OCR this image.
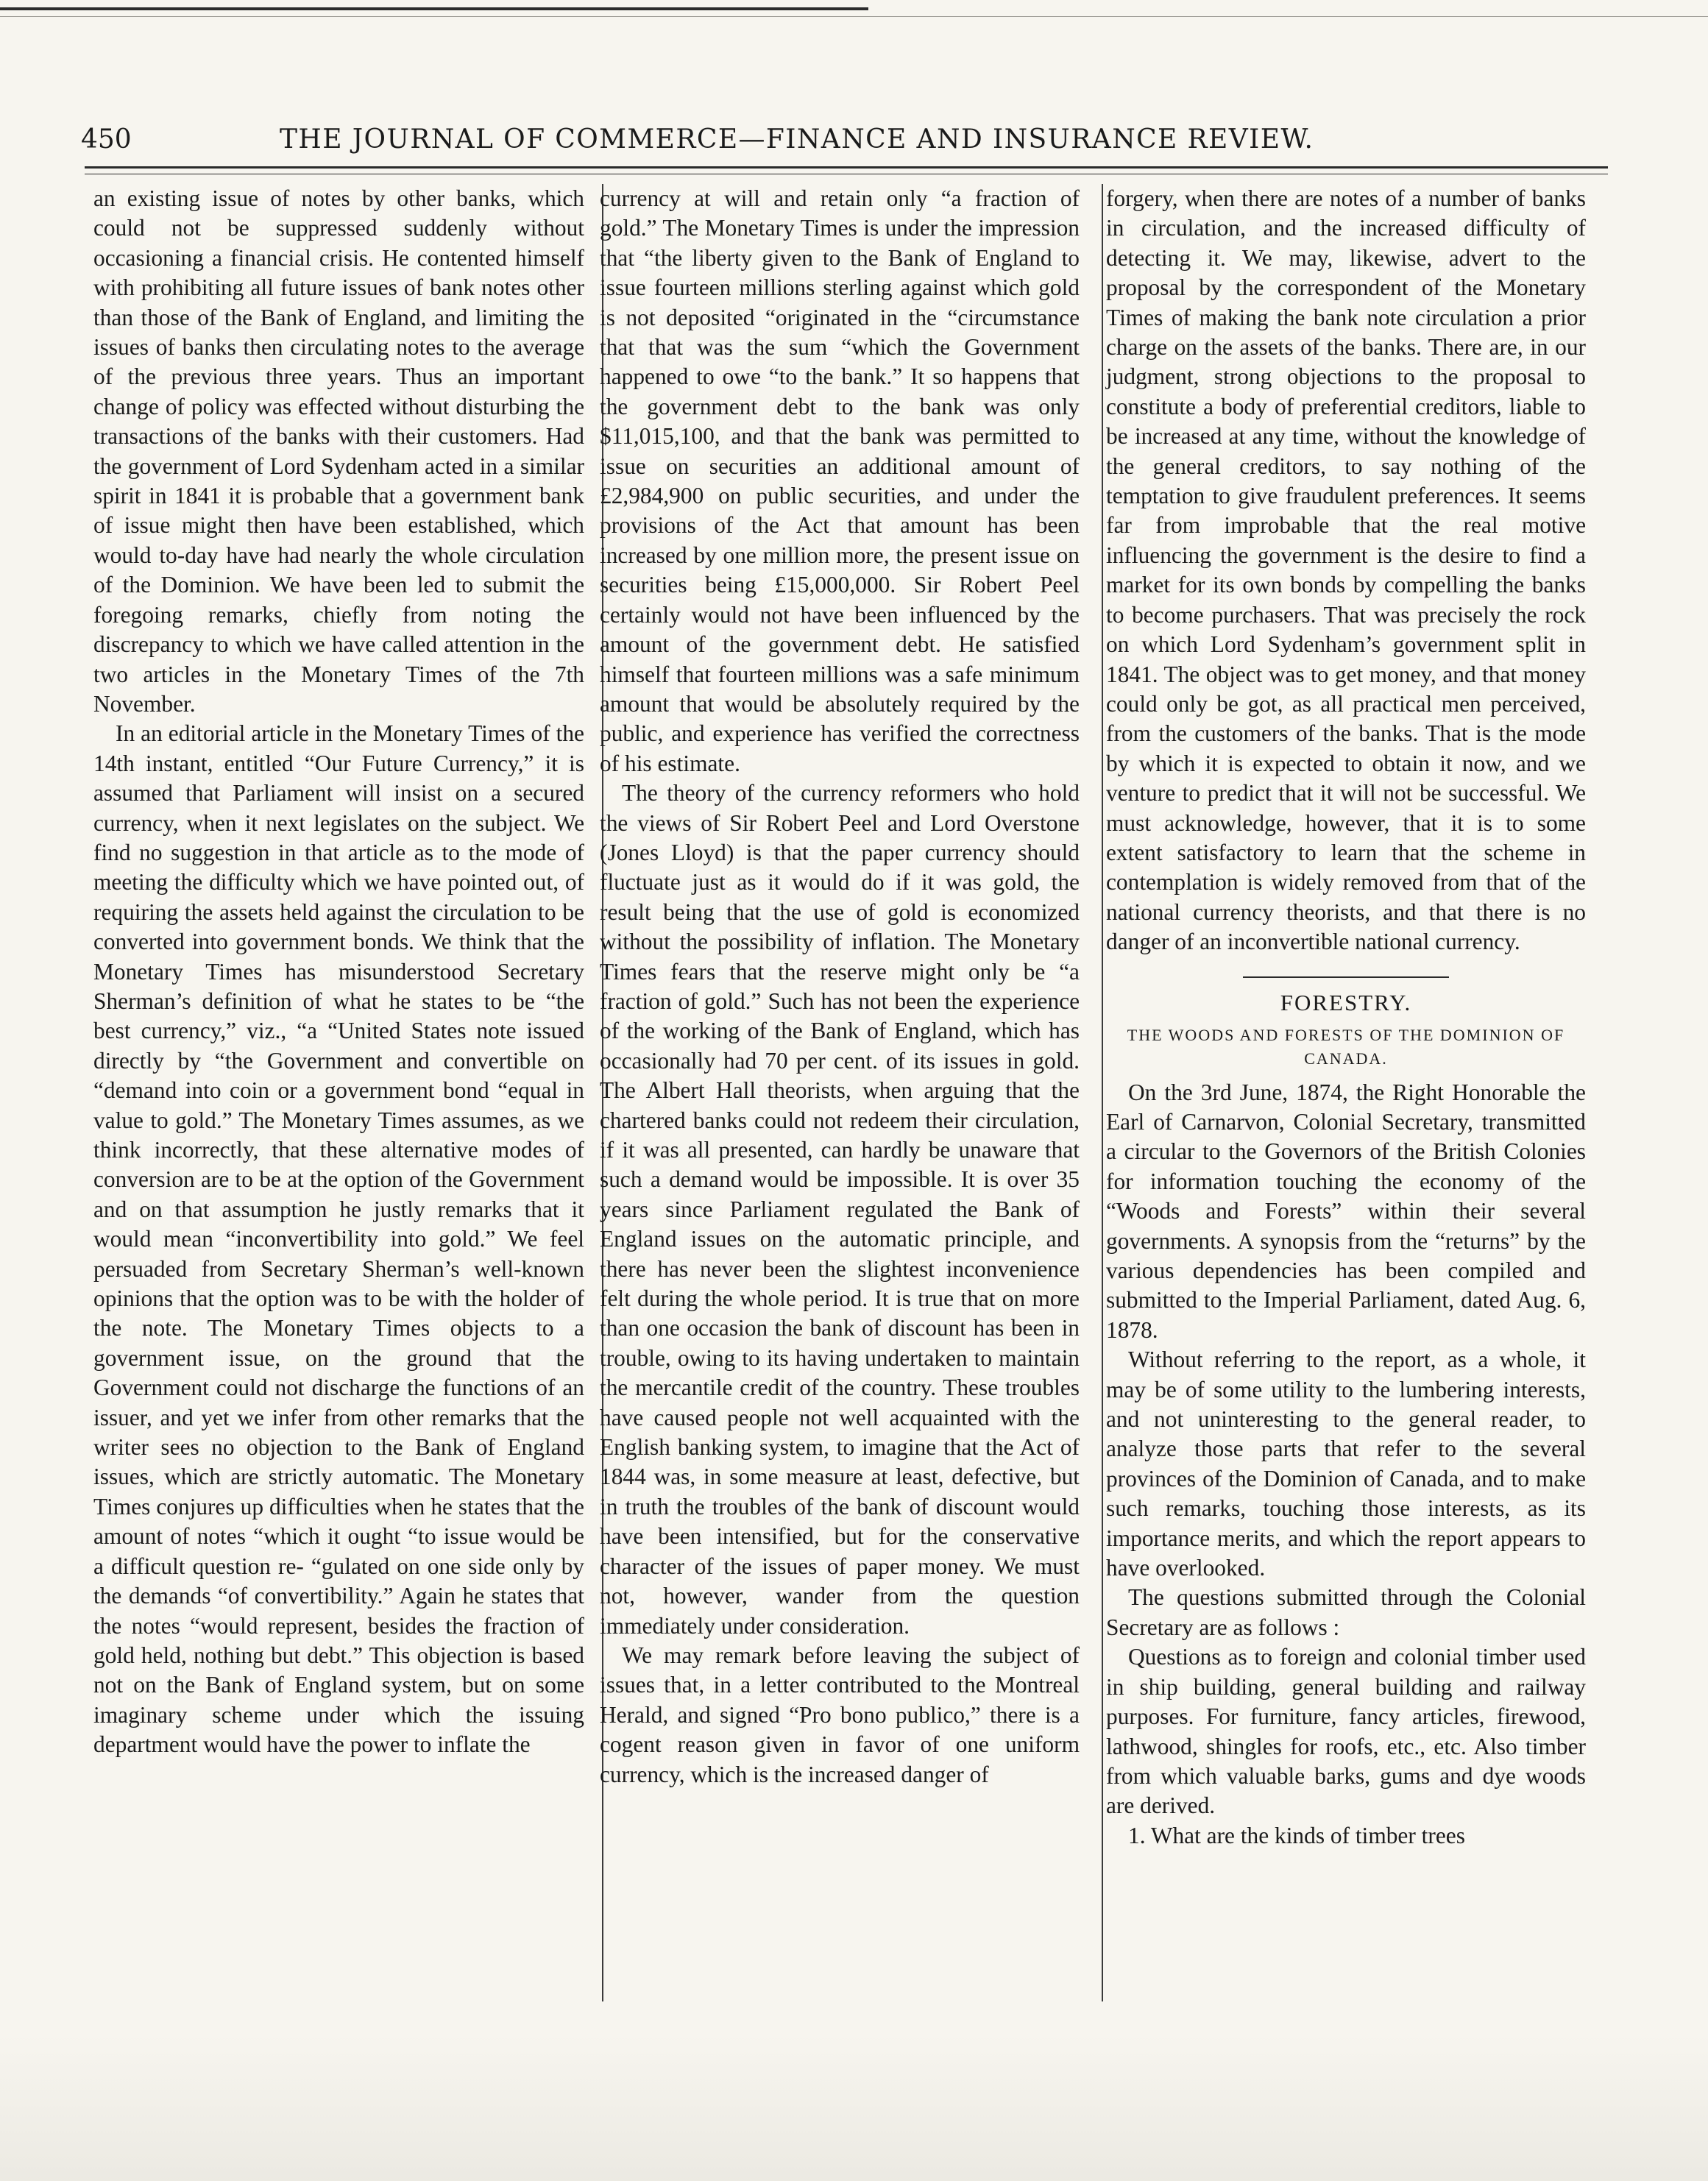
450	THE JOURNAL OF COMMERCE—FINANCE AND INSURANCE REVIEW.

an existing issue of notes by other banks, which could not be suppressed suddenly without occasioning a financial crisis. He contented himself with prohibiting all future issues of bank notes other than those of the Bank of England, and limiting the issues of banks then circulating notes to the average of the previous three years. Thus an important change of policy was effected without disturbing the transactions of the banks with their customers. Had the government of Lord Sydenham acted in a similar spirit in 1841 it is probable that a government bank of issue might then have been established, which would to-day have had nearly the whole circulation of the Dominion. We have been led to submit the foregoing remarks, chiefly from noting the discrepancy to which we have called attention in the two articles in the Monetary Times of the 7th November.

In an editorial article in the Monetary Times of the 14th instant, entitled “Our Future Currency,” it is assumed that Parliament will insist on a secured currency, when it next legislates on the subject. We find no suggestion in that article as to the mode of meeting the difficulty which we have pointed out, of requiring the assets held against the circulation to be converted into government bonds. We think that the Monetary Times has misunderstood Secretary Sherman’s definition of what he states to be “the best currency,” viz., “a “United States note issued directly by “the Government and convertible on “demand into coin or a government bond “equal in value to gold.” The Monetary Times assumes, as we think incorrectly, that these alternative modes of conversion are to be at the option of the Government and on that assumption he justly remarks that it would mean “inconvertibility into gold.” We feel persuaded from Secretary Sherman’s well-known opinions that the option was to be with the holder of the note. The Monetary Times objects to a government issue, on the ground that the Government could not discharge the functions of an issuer, and yet we infer from other remarks that the writer sees no objection to the Bank of England issues, which are strictly automatic. The Monetary Times conjures up difficulties when he states that the amount of notes “which it ought “to issue would be a difficult question re- “gulated on one side only by the demands “of convertibility.” Again he states that the notes “would represent, besides the fraction of gold held, nothing but debt.” This objection is based not on the Bank of England system, but on some imaginary scheme under which the issuing department would have the power to inflate the

currency at will and retain only “a fraction of gold.” The Monetary Times is under the impression that “the liberty given to the Bank of England to issue fourteen millions sterling against which gold is not deposited “originated in the “circumstance that that was the sum “which the Government happened to owe “to the bank.” It so happens that the government debt to the bank was only $11,015,100, and that the bank was permitted to issue on securities an additional amount of £2,984,900 on public securities, and under the provisions of the Act that amount has been increased by one million more, the present issue on securities being £15,000,000. Sir Robert Peel certainly would not have been influenced by the amount of the government debt. He satisfied himself that fourteen millions was a safe minimum amount that would be absolutely required by the public, and experience has verified the correctness of his estimate.

The theory of the currency reformers who hold the views of Sir Robert Peel and Lord Overstone (Jones Lloyd) is that the paper currency should fluctuate just as it would do if it was gold, the result being that the use of gold is economized without the possibility of inflation. The Monetary Times fears that the reserve might only be “a fraction of gold.” Such has not been the experience of the working of the Bank of England, which has occasionally had 70 per cent. of its issues in gold. The Albert Hall theorists, when arguing that the chartered banks could not redeem their circulation, if it was all presented, can hardly be unaware that such a demand would be impossible. It is over 35 years since Parliament regulated the Bank of England issues on the automatic principle, and there has never been the slightest inconvenience felt during the whole period. It is true that on more than one occasion the bank of discount has been in trouble, owing to its having undertaken to maintain the mercantile credit of the country. These troubles have caused people not well acquainted with the English banking system, to imagine that the Act of 1844 was, in some measure at least, defective, but in truth the troubles of the bank of discount would have been intensified, but for the conservative character of the issues of paper money. We must not, however, wander from the question immediately under consideration.

We may remark before leaving the subject of issues that, in a letter contributed to the Montreal Herald, and signed “Pro bono publico,” there is a cogent reason given in favor of one uniform currency, which is the increased danger of

forgery, when there are notes of a number of banks in circulation, and the increased difficulty of detecting it. We may, likewise, advert to the proposal by the correspondent of the Monetary Times of making the bank note circulation a prior charge on the assets of the banks. There are, in our judgment, strong objections to the proposal to constitute a body of preferential creditors, liable to be increased at any time, without the knowledge of the general creditors, to say nothing of the temptation to give fraudulent preferences. It seems far from improbable that the real motive influencing the government is the desire to find a market for its own bonds by compelling the banks to become purchasers. That was precisely the rock on which Lord Sydenham’s government split in 1841. The object was to get money, and that money could only be got, as all practical men perceived, from the customers of the banks. That is the mode by which it is expected to obtain it now, and we venture to predict that it will not be successful. We must acknowledge, however, that it is to some extent satisfactory to learn that the scheme in contemplation is widely removed from that of the national currency theorists, and that there is no danger of an inconvertible national currency.

FORESTRY.
THE WOODS AND FORESTS OF THE DOMINION OF CANADA.

On the 3rd June, 1874, the Right Honorable the Earl of Carnarvon, Colonial Secretary, transmitted a circular to the Governors of the British Colonies for information touching the economy of the “Woods and Forests” within their several governments. A synopsis from the “returns” by the various dependencies has been compiled and submitted to the Imperial Parliament, dated Aug. 6, 1878.

Without referring to the report, as a whole, it may be of some utility to the lumbering interests, and not uninteresting to the general reader, to analyze those parts that refer to the several provinces of the Dominion of Canada, and to make such remarks, touching those interests, as its importance merits, and which the report appears to have overlooked.

The questions submitted through the Colonial Secretary are as follows :

Questions as to foreign and colonial timber used in ship building, general building and railway purposes. For furniture, fancy articles, firewood, lathwood, shingles for roofs, etc., etc. Also timber from which valuable barks, gums and dye woods are derived.

1. What are the kinds of timber trees
